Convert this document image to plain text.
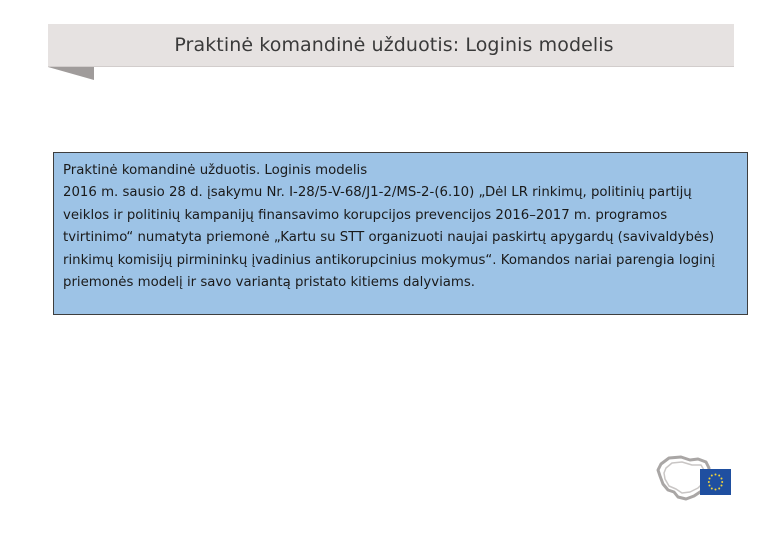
Praktinė komandinė užduotis: Loginis modelis
Praktinė komandinė užduotis. Loginis modelis

2016 m. sausio 28 d. įsakymu Nr. I-28/5-V-68/J1-2/MS-2-(6.10) „Dėl LR rinkimų, politinių partijų veiklos ir politinių kampanijų finansavimo korupcijos prevencijos 2016–2017 m. programos tvirtinimo“ numatyta priemonė „Kartu su STT organizuoti naujai paskirtų apygardų (savivaldybės) rinkimų komisijų pirmininkų įvadinius antikorupcinius mokymus“. Komandos nariai parengia loginį priemonės modelį ir savo variantą pristato kitiems dalyviams.
